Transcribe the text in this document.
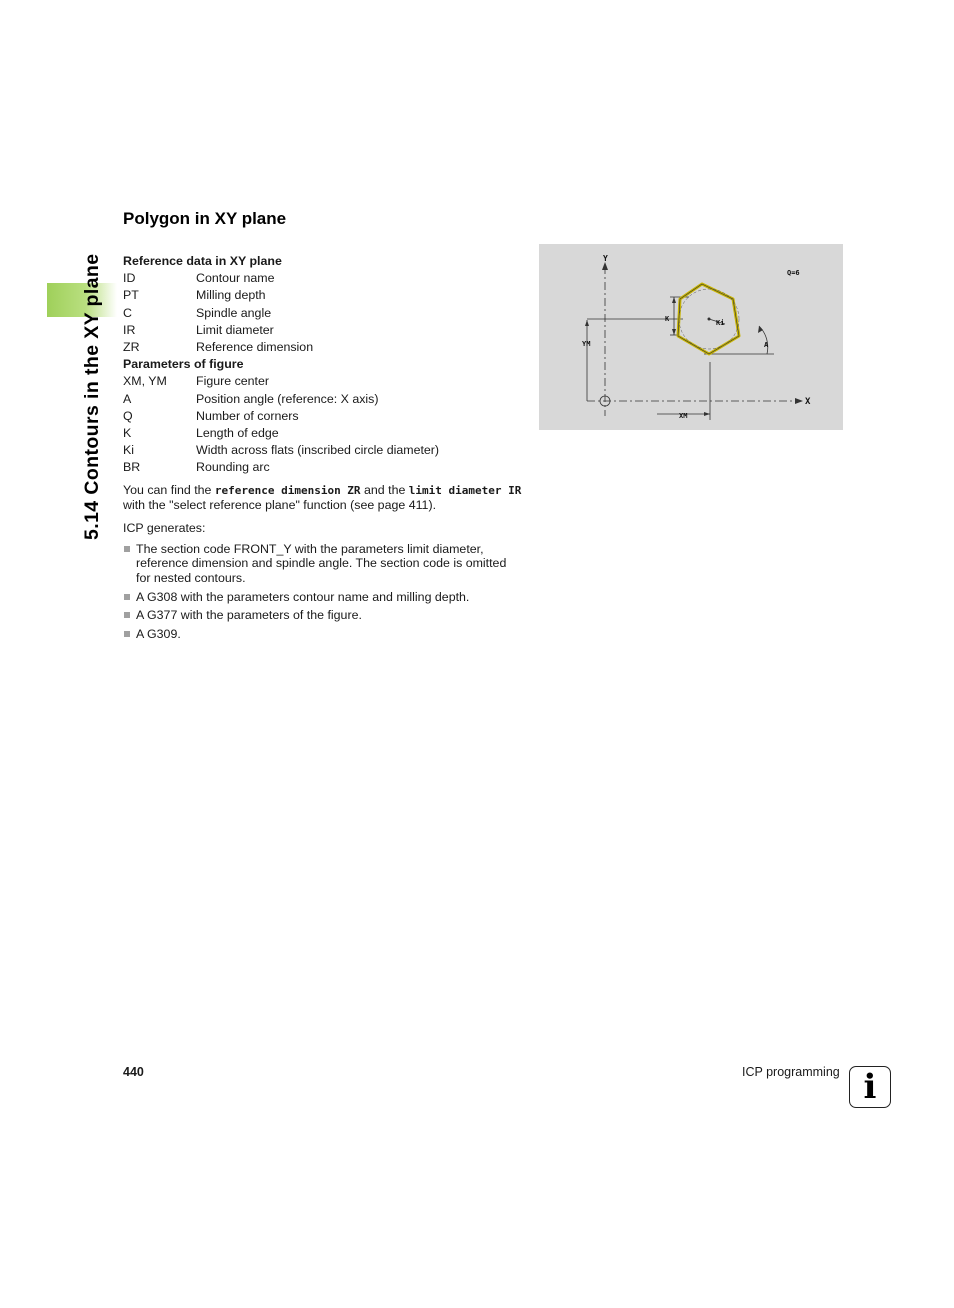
5.14 Contours in the XY plane
Polygon in XY plane
Reference data in XY plane
ID	Contour name
PT	Milling depth
C	Spindle angle
IR	Limit diameter
ZR	Reference dimension
Parameters of figure
XM, YM	Figure center
A	Position angle (reference: X axis)
Q	Number of corners
K	Length of edge
Ki	Width across flats (inscribed circle diameter)
BR	Rounding arc

You can find the reference dimension ZR and the limit diameter IR
with the "select reference plane" function (see page 411).

ICP generates:

The section code FRONT_Y with the parameters limit diameter, reference dimension and spindle angle. The section code is omitted for nested contours.
A G308 with the parameters contour name and milling depth.
A G377 with the parameters of the figure.
A G309.
Y
X
Q=6
K	Ki
YM	A
XM
440	ICP programming i
